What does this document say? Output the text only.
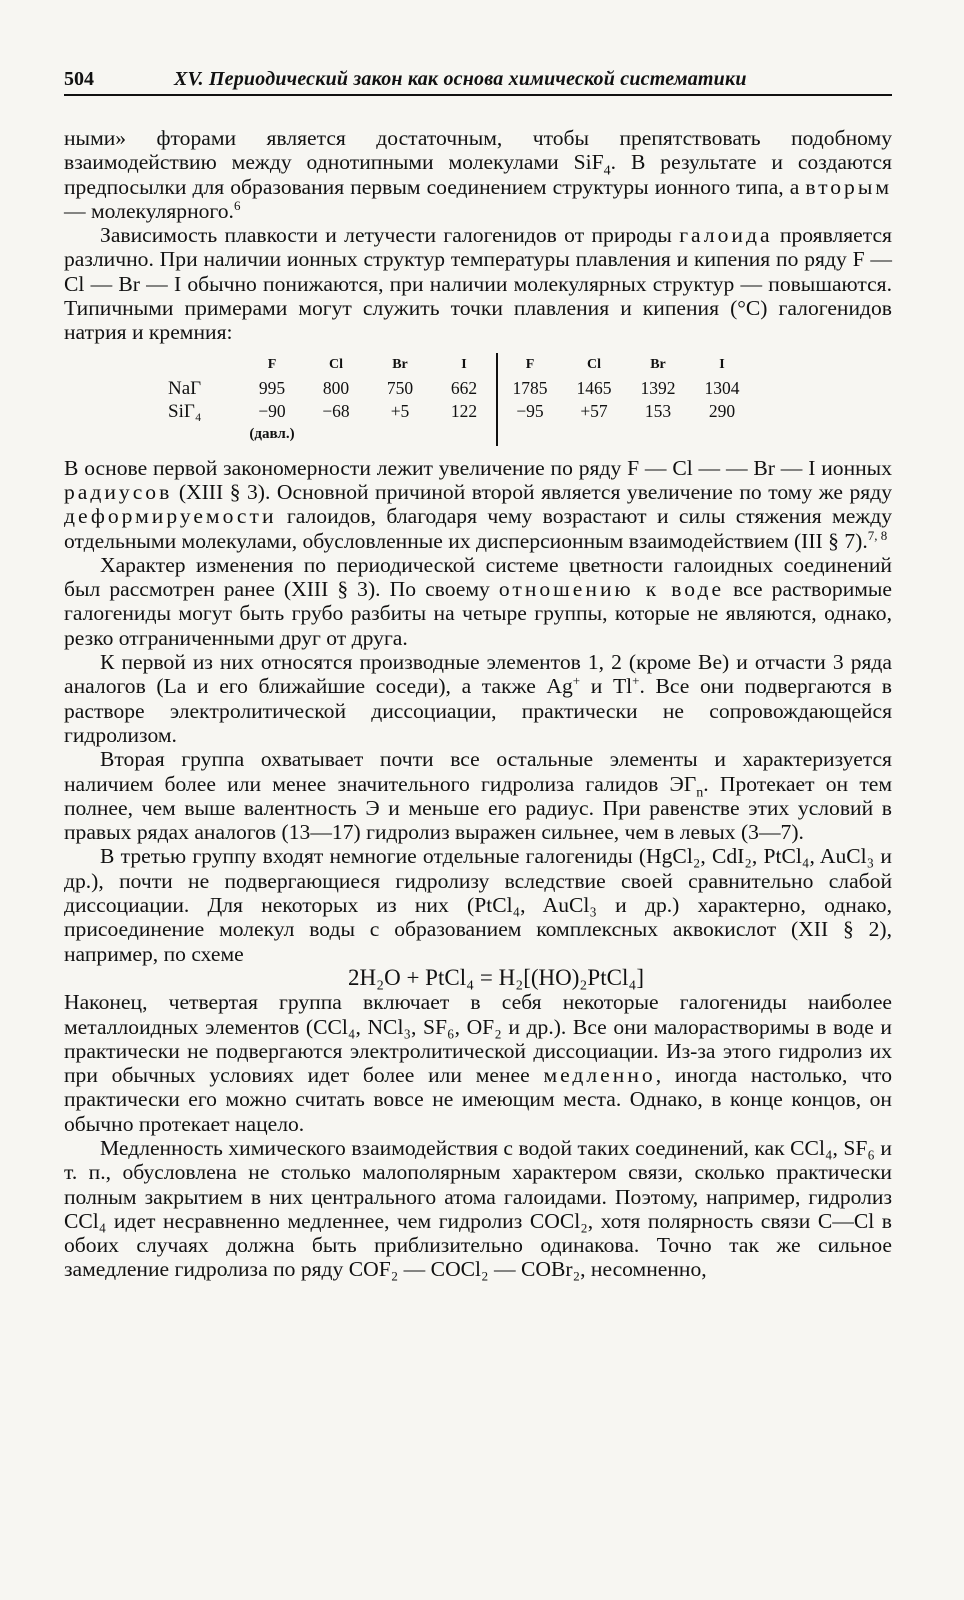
504	XV. Периодический закон как основа химической систематики

ными» фторами является достаточным, чтобы препятствовать подобному взаимодействию между однотипными молекулами SiF$_4$. В результате и создаются предпосылки для образования первым соединением структуры ионного типа, а вторым — молекулярного.$^6$

Зависимость плавкости и летучести галогенидов от природы галоида проявляется различно. При наличии ионных структур температуры плавления и кипения по ряду F — Cl — Br — I обычно понижаются, при наличии молекулярных структур — повышаются. Типичными примерами могут служить точки плавления и кипения (°C) галогенидов натрия и кремния:

	F	Cl	Br	I	F	Cl	Br	I
NaГ	995	800	750	662	1785	1465	1392	1304
SiГ₄	−90	−68	+5	122	−95	+57	153	290
	(давл.)							

В основе первой закономерности лежит увеличение по ряду F — Cl — — Br — I ионных радиусов (XIII § 3). Основной причиной второй является увеличение по тому же ряду деформируемости галоидов, благодаря чему возрастают и силы стяжения между отдельными молекулами, обусловленные их дисперсионным взаимодействием (III § 7).$^{7, 8}$

Характер изменения по периодической системе цветности галоидных соединений был рассмотрен ранее (XIII § 3). По своему отношению к воде все растворимые галогениды могут быть грубо разбиты на четыре группы, которые не являются, однако, резко отграниченными друг от друга.

К первой из них относятся производные элементов 1, 2 (кроме Be) и отчасти 3 ряда аналогов (La и его ближайшие соседи), а также Ag+ и Tl+. Все они подвергаются в растворе электролитической диссоциации, практически не сопровождающейся гидролизом.

Вторая группа охватывает почти все остальные элементы и характеризуется наличием более или менее значительного гидролиза галидов $ЭГ_n$. Протекает он тем полнее, чем выше валентность Э и меньше его радиус. При равенстве этих условий в правых рядах аналогов (13—17) гидролиз выражен сильнее, чем в левых (3—7).

В третью группу входят немногие отдельные галогениды (HgCl₂, CdI₂, PtCl₄, AuCl₃ и др.), почти не подвергающиеся гидролизу вследствие своей сравнительно слабой диссоциации. Для некоторых из них (PtCl₄, AuCl₃ и др.) характерно, однако, присоединение молекул воды с образованием комплексных аквокислот (XII § 2), например, по схеме

2H₂O + PtCl₄ = H₂[(HO)₂PtCl₄]

Наконец, четвертая группа включает в себя некоторые галогениды наиболее металлоидных элементов (CCl₄, NCl₃, SF₆, OF₂ и др.). Все они малорастворимы в воде и практически не подвергаются электролитической диссоциации. Из-за этого гидролиз их при обычных условиях идет более или менее медленно, иногда настолько, что практически его можно считать вовсе не имеющим места. Однако, в конце концов, он обычно протекает нацело.

Медленность химического взаимодействия с водой таких соединений, как CCl₄, SF₆ и т. п., обусловлена не столько малополярным характером связи, сколько практически полным закрытием в них центрального атома галоидами. Поэтому, например, гидролиз CCl₄ идет несравненно медленнее, чем гидролиз COCl₂, хотя полярность связи C—Cl в обоих случаях должна быть приблизительно одинакова. Точно так же сильное замедление гидролиза по ряду COF₂ — COCl₂ — COBr₂, несомненно,
